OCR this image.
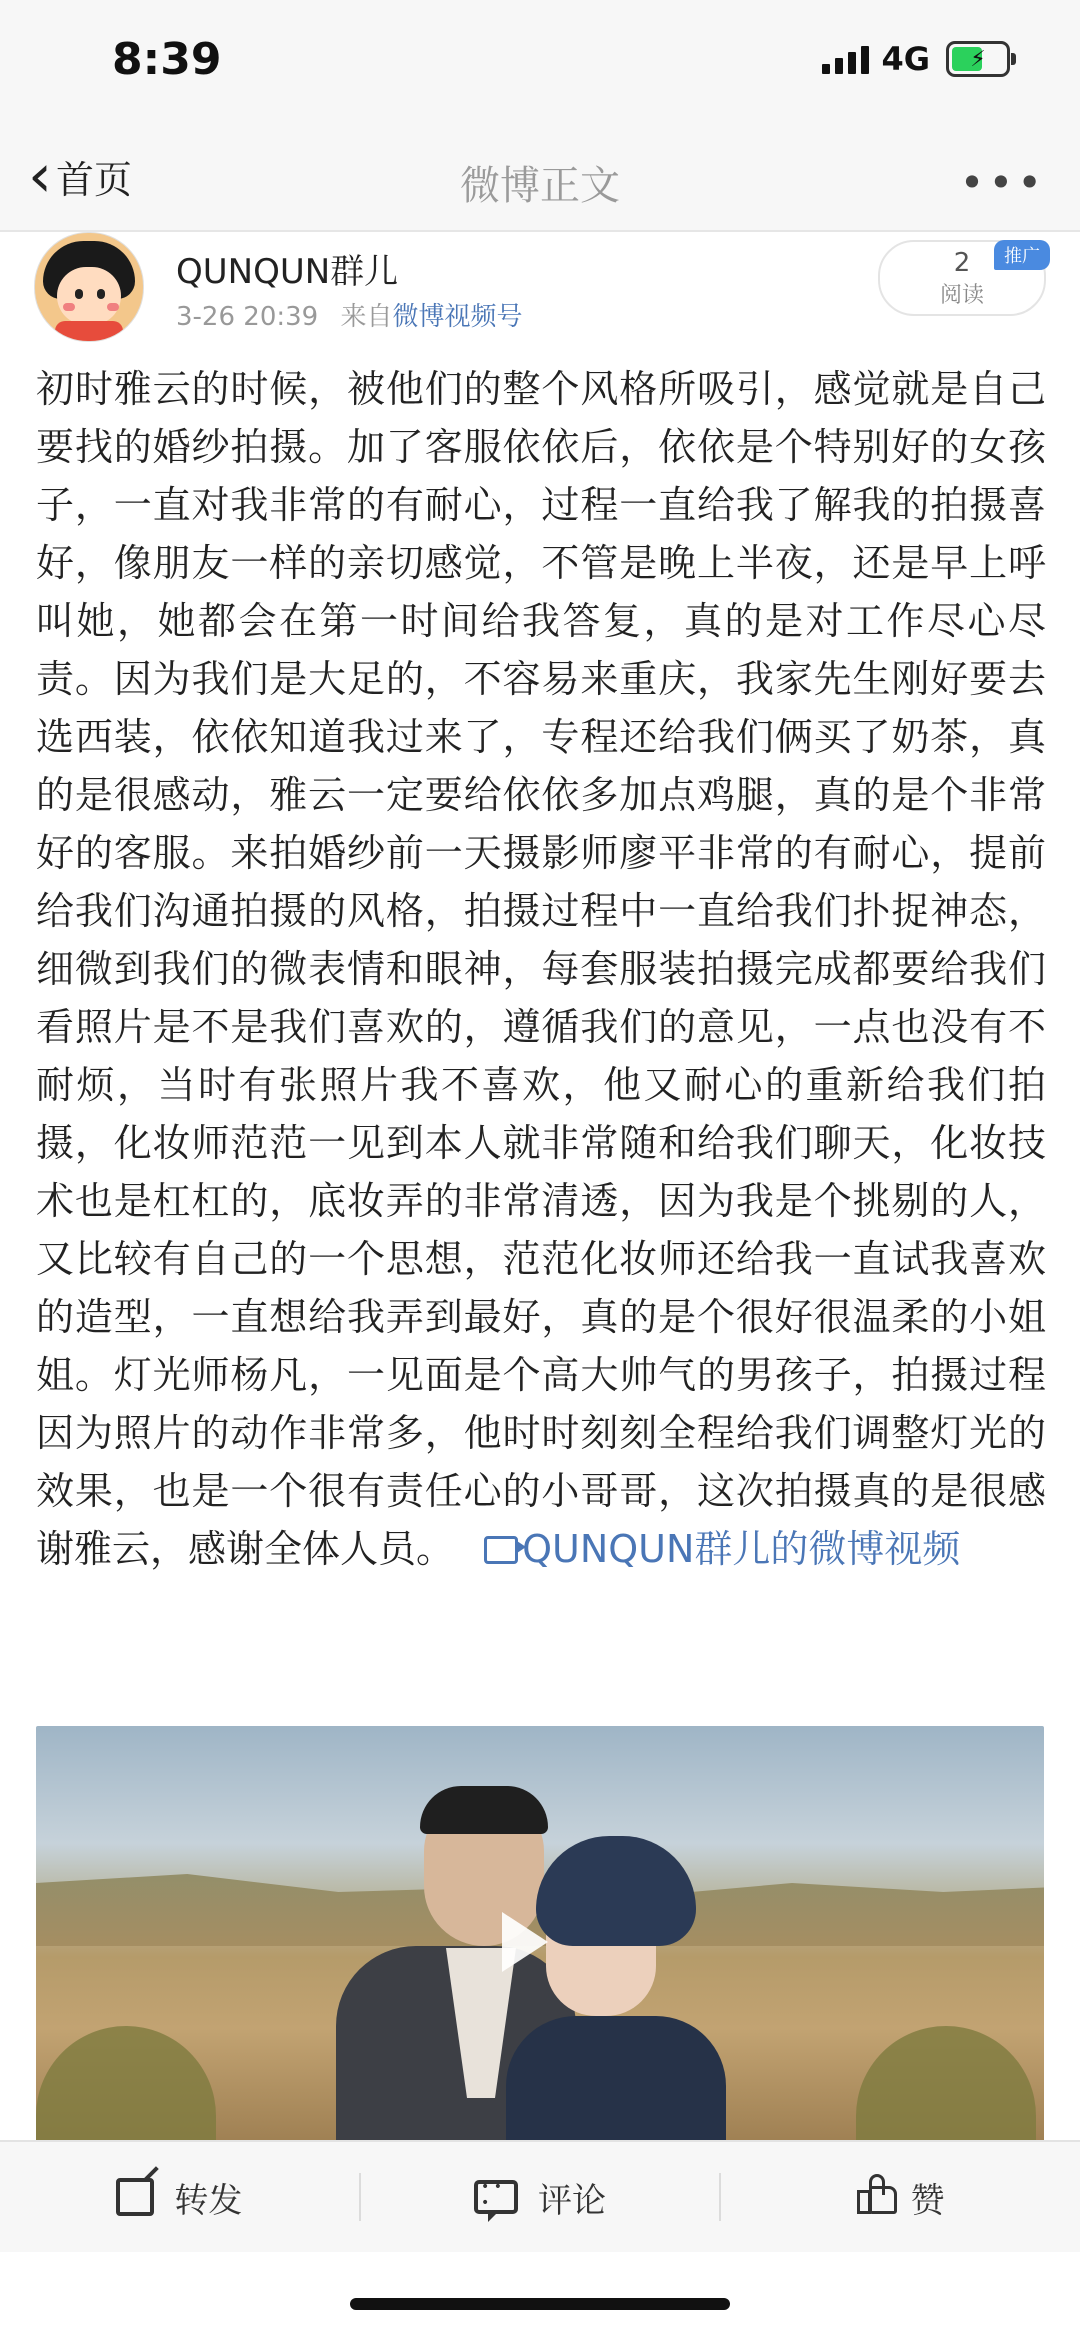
8:39	4G ⚡
‹ 首页	微博正文	•••
QUNQUN群儿
3-26 20:39 来自微博视频号
2
阅读
推广
初时雅云的时候，被他们的整个风格所吸引，感觉就是自己要找的婚纱拍摄。加了客服依依后，依依是个特别好的女孩子，一直对我非常的有耐心，过程一直给我了解我的拍摄喜好，像朋友一样的亲切感觉，不管是晚上半夜，还是早上呼叫她，她都会在第一时间给我答复，真的是对工作尽心尽责。因为我们是大足的，不容易来重庆，我家先生刚好要去选西装，依依知道我过来了，专程还给我们俩买了奶茶，真的是很感动，雅云一定要给依依多加点鸡腿，真的是个非常好的客服。来拍婚纱前一天摄影师廖平非常的有耐心，提前给我们沟通拍摄的风格，拍摄过程中一直给我们扑捉神态，细微到我们的微表情和眼神，每套服装拍摄完成都要给我们看照片是不是我们喜欢的，遵循我们的意见，一点也没有不耐烦，当时有张照片我不喜欢，他又耐心的重新给我们拍摄，化妆师范范一见到本人就非常随和给我们聊天，化妆技术也是杠杠的，底妆弄的非常清透，因为我是个挑剔的人，又比较有自己的一个思想，范范化妆师还给我一直试我喜欢的造型，一直想给我弄到最好，真的是个很好很温柔的小姐姐。灯光师杨凡，一见面是个高大帅气的男孩子，拍摄过程因为照片的动作非常多，他时时刻刻全程给我们调整灯光的效果，也是一个很有责任心的小哥哥，这次拍摄真的是很感谢雅云，感谢全体人员。 QUNQUN群儿的微博视频
转发
• • •	评论	赞
